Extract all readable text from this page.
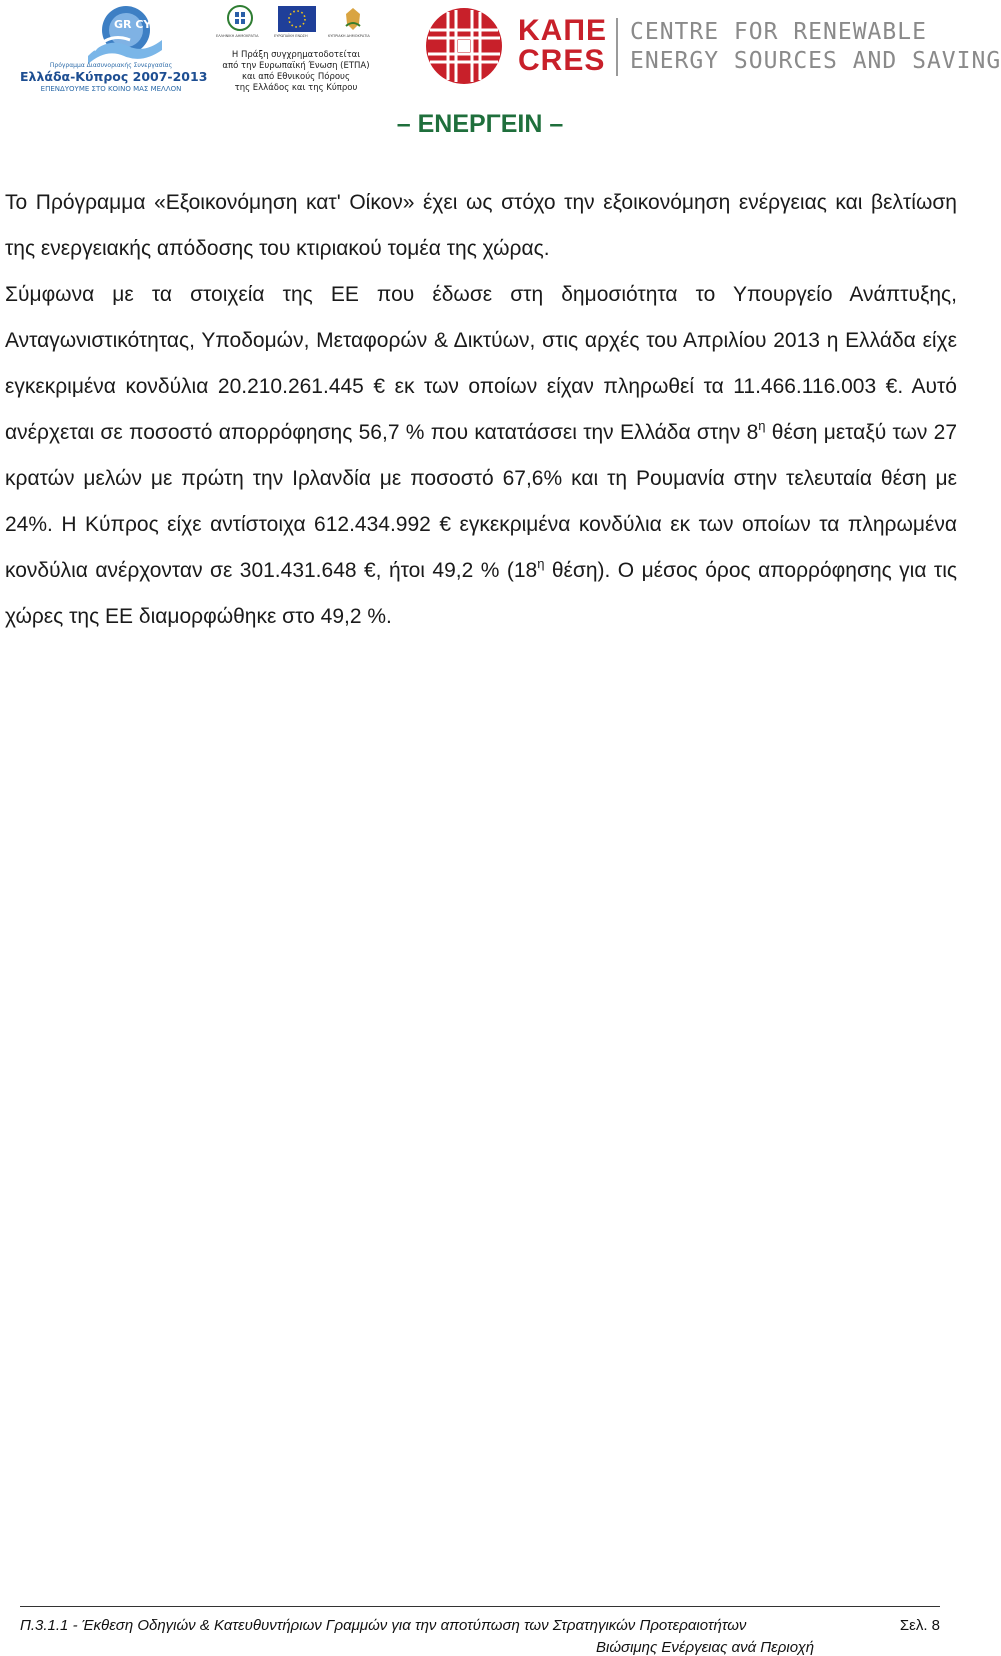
GR CY
Πρόγραμμα Διασυνοριακής Συνεργασίας
Ελλάδα-Κύπρος 2007-2013
ΕΠΕΝΔΥΟΥΜΕ ΣΤΟ ΚΟΙΝΟ ΜΑΣ ΜΕΛΛΟΝ
ΕΛΛΗΝΙΚΗ ΔΗΜΟΚΡΑΤΙΑ	ΕΥΡΩΠΑΪΚΗ ΕΝΩΣΗ	ΚΥΠΡΙΑΚΗ ΔΗΜΟΚΡΑΤΙΑ
Η Πράξη συγχρηματοδοτείται
από την Ευρωπαϊκή Ένωση (ΕΤΠΑ)
και από Εθνικούς Πόρους
της Ελλάδος και της Κύπρου
ΚΑΠΕ
CRES
CENTRE FOR RENEWABLE
ENERGY SOURCES AND SAVING
– ΕΝΕΡΓΕΙΝ –

Το Πρόγραμμα «Εξοικονόμηση κατ' Οίκον» έχει ως στόχο την εξοικονόμηση ενέργειας και βελτίωση της ενεργειακής απόδοσης του κτιριακού τομέα της χώρας.

Σύμφωνα με τα στοιχεία της ΕΕ που έδωσε στη δημοσιότητα το Υπουργείο Ανάπτυξης, Ανταγωνιστικότητας, Υποδομών, Μεταφορών & Δικτύων, στις αρχές του Απριλίου 2013 η Ελλάδα είχε εγκεκριμένα κονδύλια 20.210.261.445 € εκ των οποίων είχαν πληρωθεί τα 11.466.116.003 €. Αυτό ανέρχεται σε ποσοστό απορρόφησης 56,7 % που κατατάσσει την Ελλάδα στην $8^\eta$ θέση μεταξύ των 27 κρατών μελών με πρώτη την Ιρλανδία με ποσοστό 67,6% και τη Ρουμανία στην τελευταία θέση με 24%. Η Κύπρος είχε αντίστοιχα 612.434.992 € εγκεκριμένα κονδύλια εκ των οποίων τα πληρωμένα κονδύλια ανέρχονταν σε 301.431.648 €, ήτοι 49,2 % ($18^\eta$ θέση). Ο μέσος όρος απορρόφησης για τις χώρες της ΕΕ διαμορφώθηκε στο 49,2 %.

Π.3.1.1 - Έκθεση Οδηγιών & Κατευθυντήριων Γραμμών για την αποτύπωση των Στρατηγικών Προτεραιοτήτων	Σελ. 8
Βιώσιμης Ενέργειας ανά Περιοχή
